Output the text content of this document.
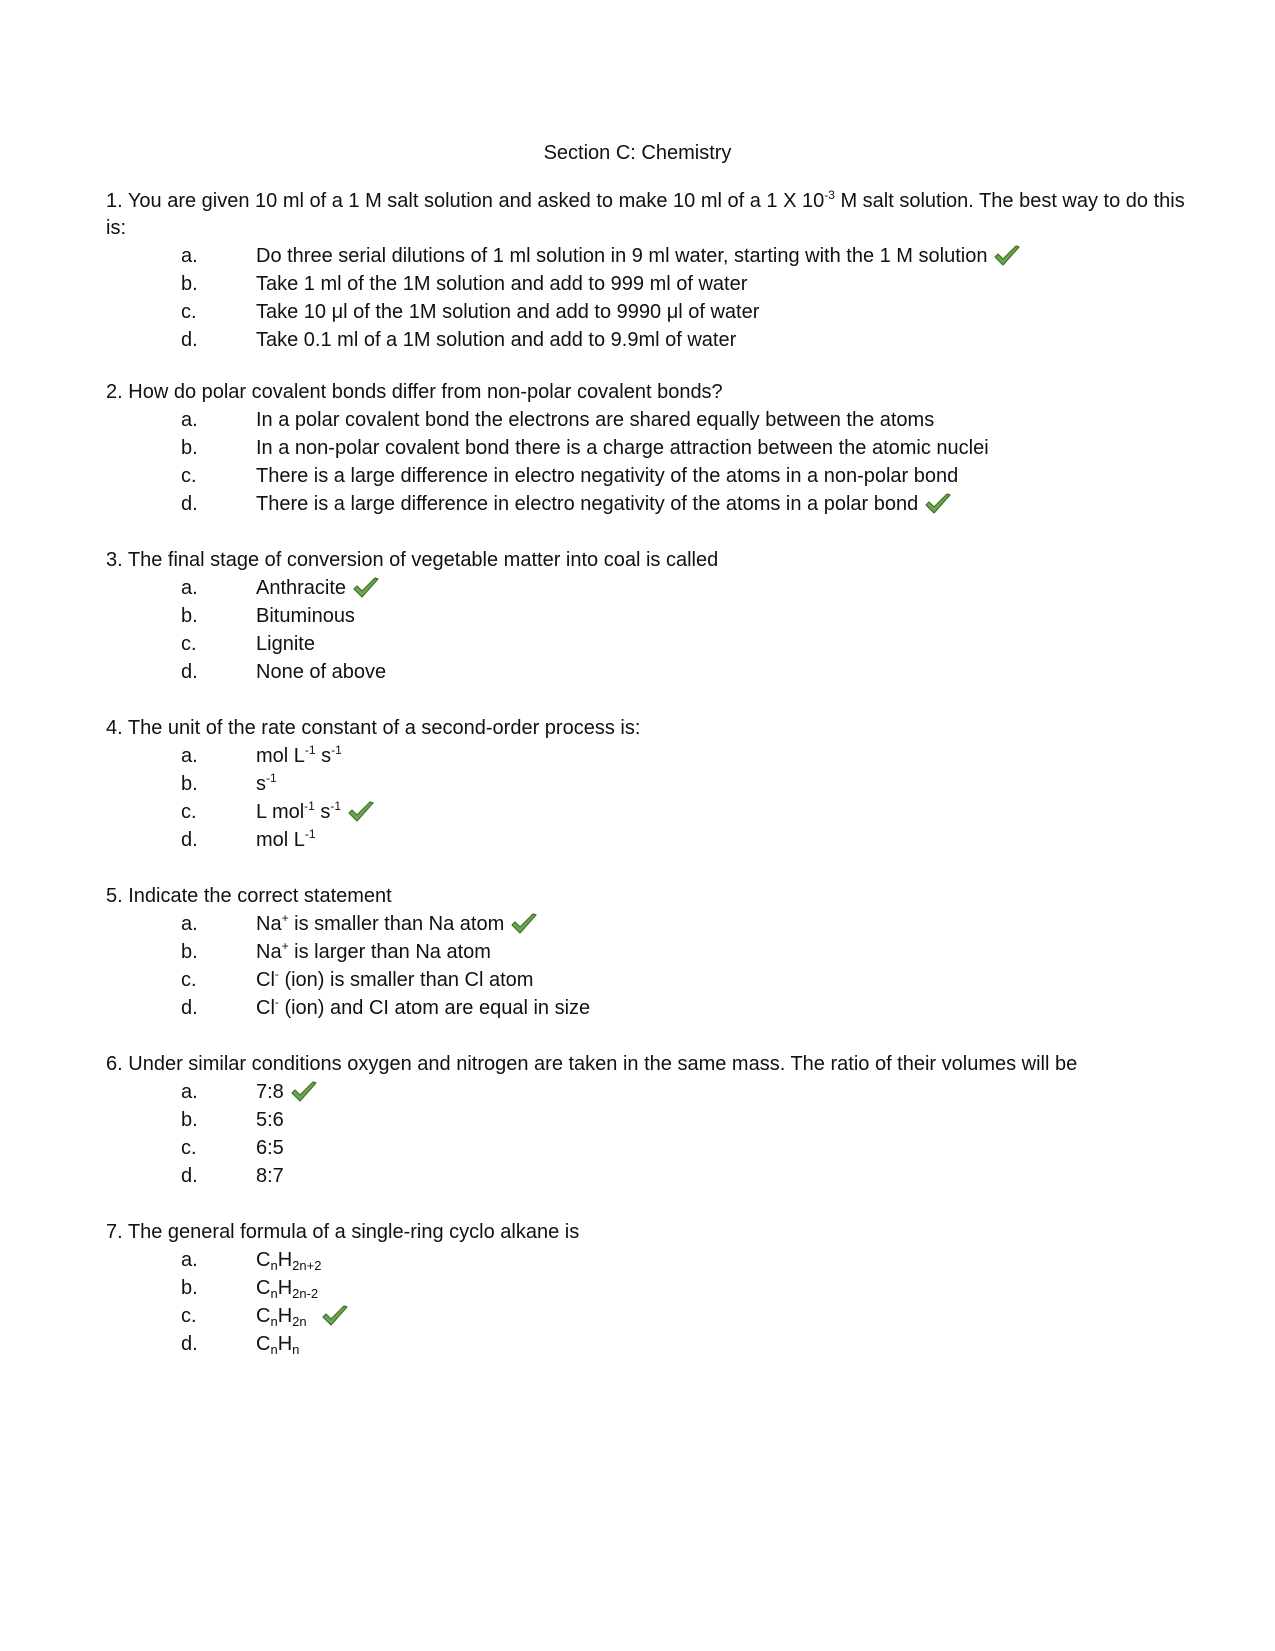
Section C: Chemistry

1. You are given 10 ml of a 1 M salt solution and asked to make 10 ml of a 1 X $10^{-3}$ M salt solution. The best way to do this is:

a.	Do three serial dilutions of 1 ml solution in 9 ml water, starting with the 1 M solution
b.	Take 1 ml of the 1M solution and add to 999 ml of water
c.	Take 10 μl of the 1M solution and add to 9990 μl of water
d.	Take 0.1 ml of a 1M solution and add to 9.9ml of water

2. How do polar covalent bonds differ from non-polar covalent bonds?

a.	In a polar covalent bond the electrons are shared equally between the atoms
b.	In a non-polar covalent bond there is a charge attraction between the atomic nuclei
c.	There is a large difference in electro negativity of the atoms in a non-polar bond
d.	There is a large difference in electro negativity of the atoms in a polar bond

3. The final stage of conversion of vegetable matter into coal is called

a.	Anthracite
b.	Bituminous
c.	Lignite
d.	None of above

4. The unit of the rate constant of a second-order process is:

a.	mol $L^{-1}$ $s^{-1}$
b.	$s^{-1}$
c.	L mol$^{-1}$ $s^{-1}$
d.	mol $L^{-1}$

5. Indicate the correct statement

a.	Na+ is smaller than Na atom
b.	Na+ is larger than Na atom
c.	Cl- (ion) is smaller than Cl atom
d.	Cl- (ion) and CI atom are equal in size

6. Under similar conditions oxygen and nitrogen are taken in the same mass. The ratio of their volumes will be

a.	7:8
b.	5:6
c.	6:5
d.	8:7

7. The general formula of a single-ring cyclo alkane is

a.	$C_nH_{2n+2}$
b.	$C_nH_{2n-2}$
c.	$C_nH_{2n}$
d.	$C_nH_n$
